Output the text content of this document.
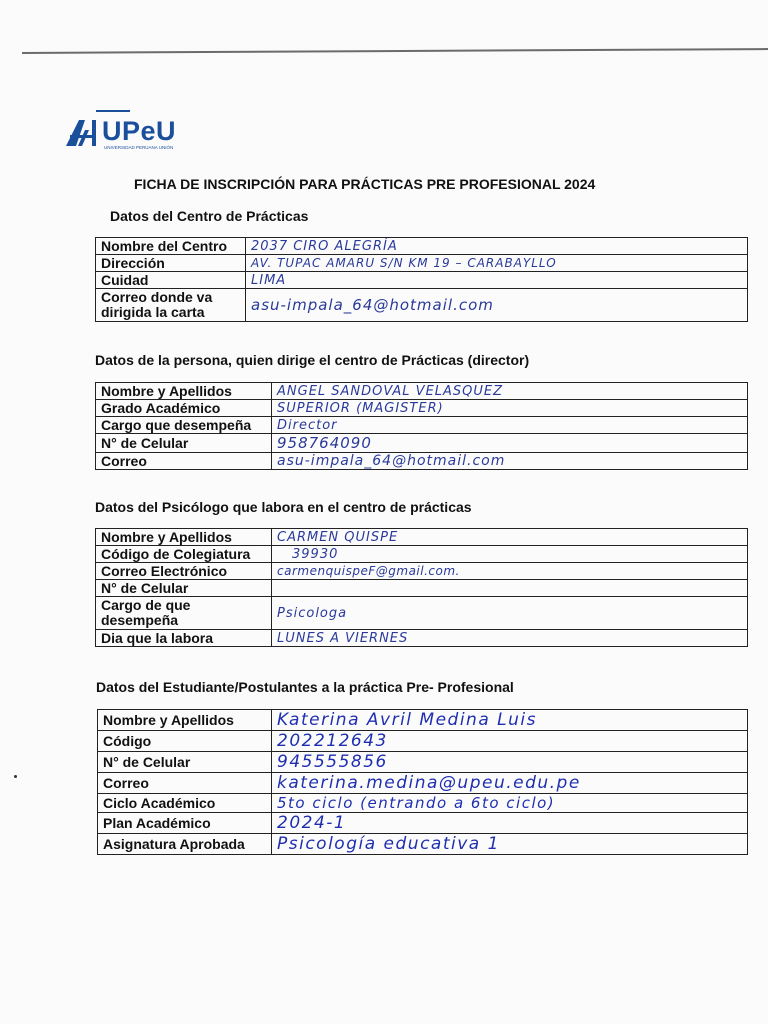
UPeU
UNIVERSIDAD PERUANA UNIÓN
FICHA DE INSCRIPCIÓN PARA PRÁCTICAS PRE PROFESIONAL 2024
Datos del Centro de Prácticas
Nombre del Centro	2037 CIRO ALEGRÍA
Dirección	AV. TUPAC AMARU S/N KM 19 – CARABAYLLO
Cuidad	LIMA
Correo donde va dirigida la carta	asu-impala_64@hotmail.com
Datos de la persona, quien dirige el centro de Prácticas (director)
Nombre y Apellidos	ANGEL SANDOVAL VELASQUEZ
Grado Académico	SUPERIOR (MAGISTER)
Cargo que desempeña	Director
N° de Celular	958764090
Correo	asu-impala_64@hotmail.com
Datos del Psicólogo que labora en el centro de prácticas
Nombre y Apellidos	CARMEN QUISPE
Código de Colegiatura	39930
Correo Electrónico	carmenquispeF@gmail.com.
N° de Celular	
Cargo de que desempeña	Psicologa
Dia que la labora	LUNES A VIERNES
Datos del Estudiante/Postulantes a la práctica Pre- Profesional
Nombre y Apellidos	Katerina Avril Medina Luis
Código	202212643
N° de Celular	945555856
Correo	katerina.medina@upeu.edu.pe
Ciclo Académico	5to ciclo (entrando a 6to ciclo)
Plan Académico	2024-1
Asignatura Aprobada	Psicología educativa 1
